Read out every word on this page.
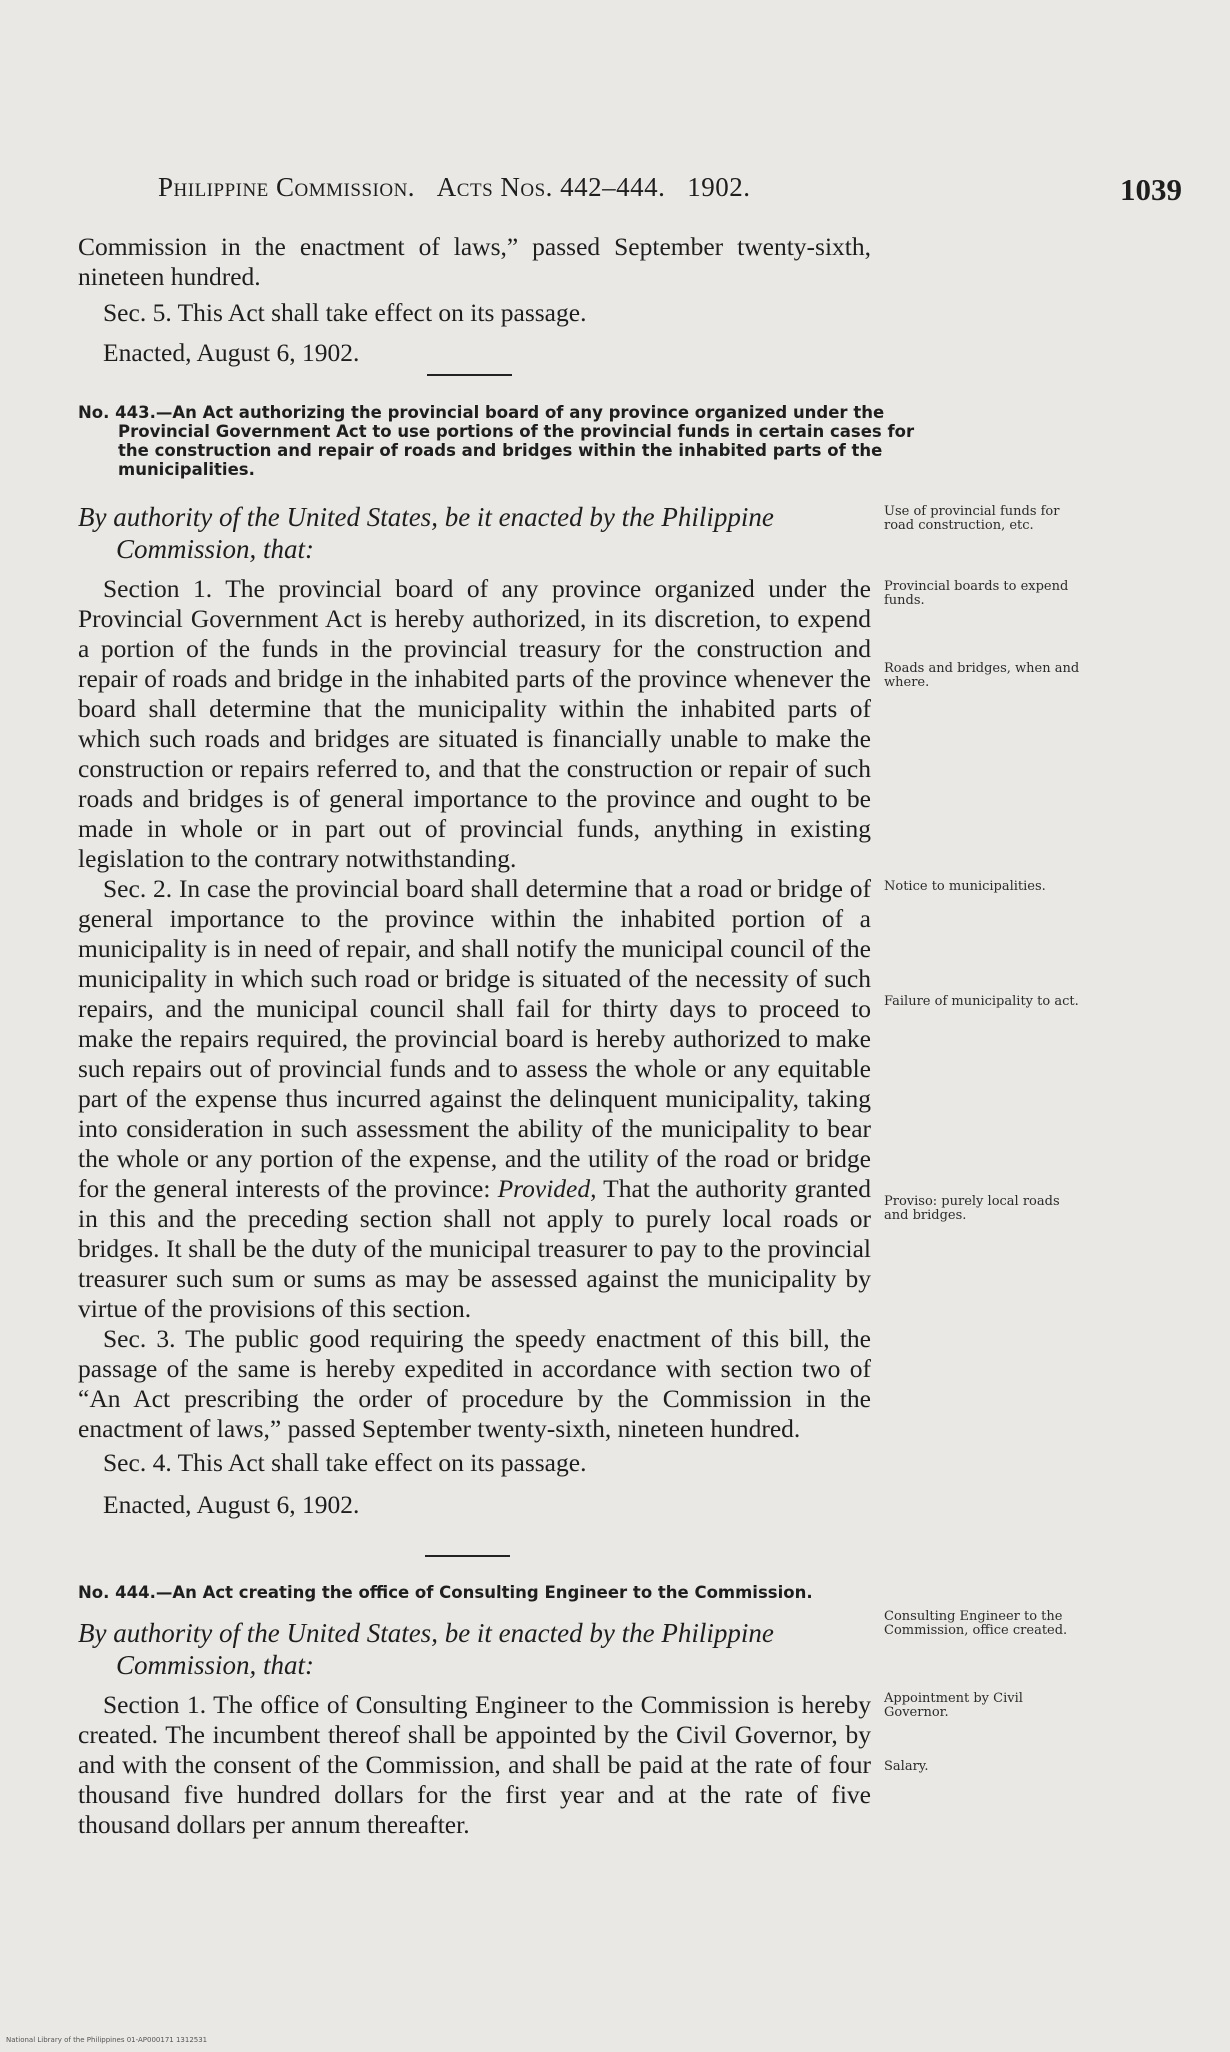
Philippine Commission. Acts Nos. 442–444. 1902.	1039

Commission in the enactment of laws,” passed September twenty-sixth, nineteen hundred.

Sec. 5. This Act shall take effect on its passage.

Enacted, August 6, 1902.

No. 443.—An Act authorizing the provincial board of any province organized under the Provincial Government Act to use portions of the provincial funds in certain cases for the construction and repair of roads and bridges within the inhabited parts of the municipalities.
By authority of the United States, be it enacted by the Philippine
Commission, that:

Section 1. The provincial board of any province organized under the Provincial Government Act is hereby authorized, in its discretion, to expend a portion of the funds in the provincial treasury for the construction and repair of roads and bridge in the inhabited parts of the province whenever the board shall determine that the municipality within the inhabited parts of which such roads and bridges are situated is financially unable to make the construction or repairs referred to, and that the construction or repair of such roads and bridges is of general importance to the province and ought to be made in whole or in part out of provincial funds, anything in existing legislation to the contrary notwithstanding.

Sec. 2. In case the provincial board shall determine that a road or bridge of general importance to the province within the inhabited portion of a municipality is in need of repair, and shall notify the municipal council of the municipality in which such road or bridge is situated of the necessity of such repairs, and the municipal council shall fail for thirty days to proceed to make the repairs required, the provincial board is hereby authorized to make such repairs out of provincial funds and to assess the whole or any equitable part of the expense thus incurred against the delinquent municipality, taking into consideration in such assessment the ability of the municipality to bear the whole or any portion of the expense, and the utility of the road or bridge for the general interests of the province: Provided, That the authority granted in this and the preceding section shall not apply to purely local roads or bridges. It shall be the duty of the municipal treasurer to pay to the provincial treasurer such sum or sums as may be assessed against the municipality by virtue of the provisions of this section.

Sec. 3. The public good requiring the speedy enactment of this bill, the passage of the same is hereby expedited in accordance with section two of “An Act prescribing the order of procedure by the Commission in the enactment of laws,” passed September twenty-sixth, nineteen hundred.

Sec. 4. This Act shall take effect on its passage.

Enacted, August 6, 1902.

No. 444.—An Act creating the office of Consulting Engineer to the Commission.
By authority of the United States, be it enacted by the Philippine
Commission, that:

Section 1. The office of Consulting Engineer to the Commission is hereby created. The incumbent thereof shall be appointed by the Civil Governor, by and with the consent of the Commission, and shall be paid at the rate of four thousand five hundred dollars for the first year and at the rate of five thousand dollars per annum thereafter.

Use of provincial funds for road construction, etc.
Provincial boards to expend funds.
Roads and bridges, when and where.
Notice to municipalities.
Failure of municipality to act.
Proviso: purely local roads and bridges.
Consulting Engineer to the Commission, office created.
Appointment by Civil Governor.
Salary.
National Library of the Philippines 01-AP000171 1312531
